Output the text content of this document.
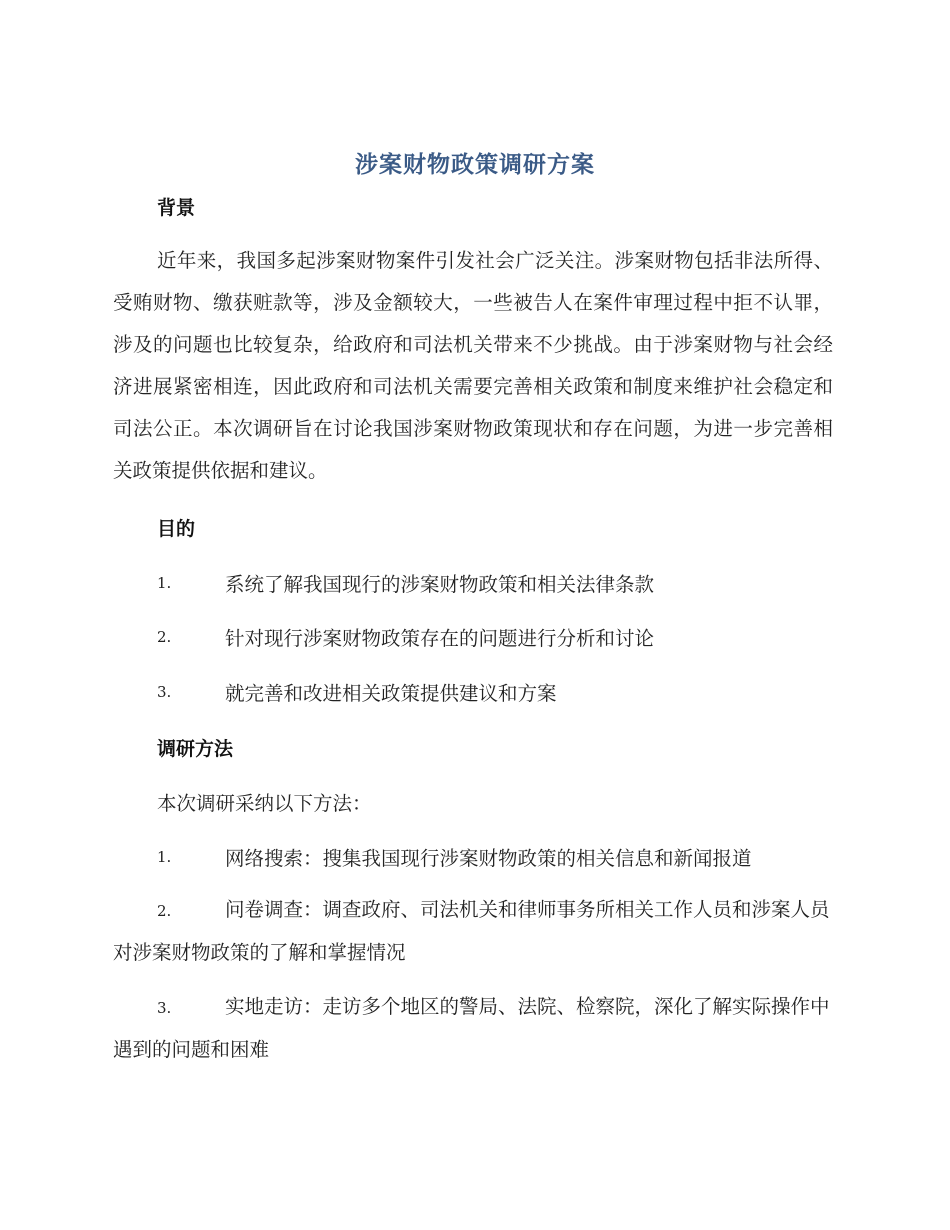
涉案财物政策调研方案
背景
近年来，我国多起涉案财物案件引发社会广泛关注。涉案财物包括非法所得、受贿财物、缴获赃款等，涉及金额较大，一些被告人在案件审理过程中拒不认罪，涉及的问题也比较复杂，给政府和司法机关带来不少挑战。由于涉案财物与社会经济进展紧密相连，因此政府和司法机关需要完善相关政策和制度来维护社会稳定和司法公正。本次调研旨在讨论我国涉案财物政策现状和存在问题，为进一步完善相关政策提供依据和建议。
目的
1.	系统了解我国现行的涉案财物政策和相关法律条款
2.	针对现行涉案财物政策存在的问题进行分析和讨论
3.	就完善和改进相关政策提供建议和方案
调研方法
本次调研采纳以下方法：
1.	网络搜索：搜集我国现行涉案财物政策的相关信息和新闻报道
2.	问卷调查：调查政府、司法机关和律师事务所相关工作人员和涉案人员对涉案财物政策的了解和掌握情况
3.	实地走访：走访多个地区的警局、法院、检察院，深化了解实际操作中遇到的问题和困难
